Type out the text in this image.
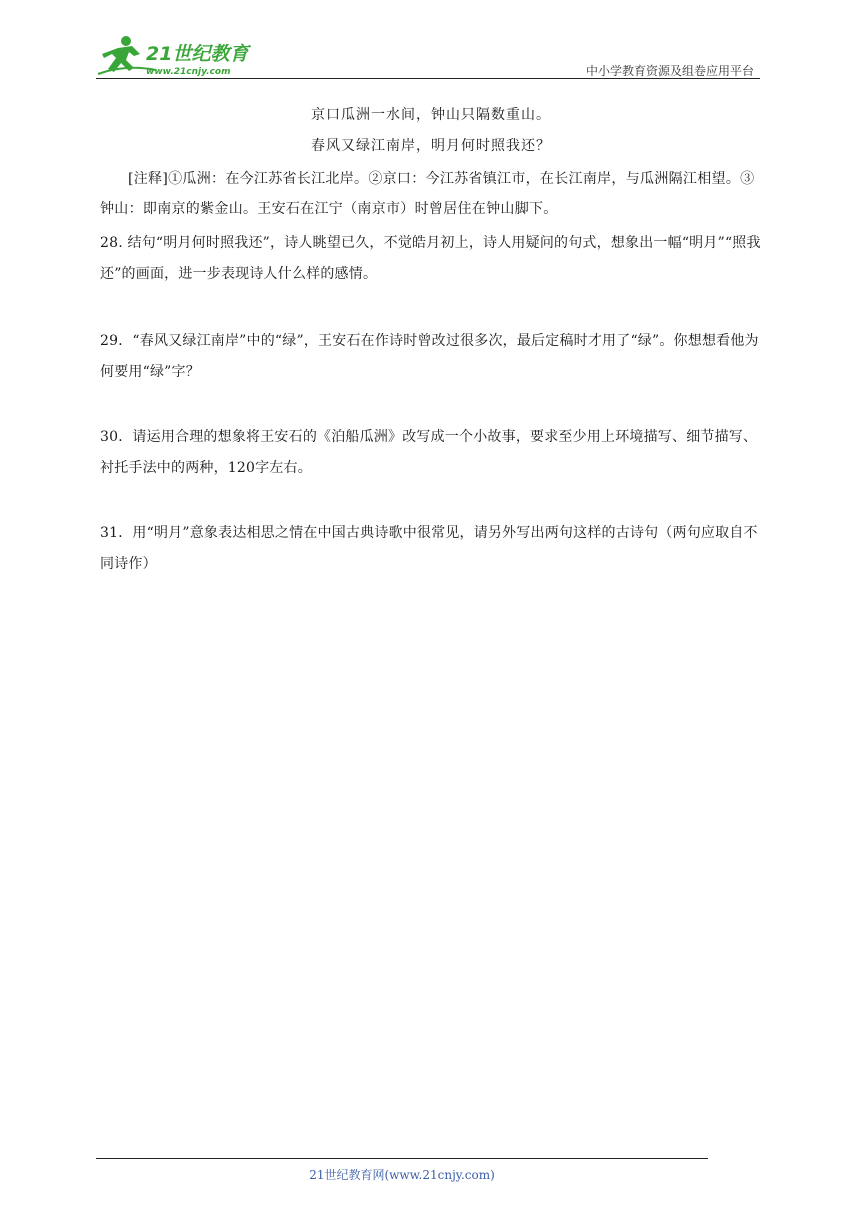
21世纪教育
www.21cnjy.com	中小学教育资源及组卷应用平台
京口瓜洲一水间，钟山只隔数重山。
春风又绿江南岸，明月何时照我还？
[注释]①瓜洲：在今江苏省长江北岸。②京口：今江苏省镇江市，在长江南岸，与瓜洲隔江相望。③钟山：即南京的紫金山。王安石在江宁（南京市）时曾居住在钟山脚下。
28. 结句“明月何时照我还”，诗人眺望已久，不觉皓月初上，诗人用疑问的句式，想象出一幅“明月”“照我还”的画面，进一步表现诗人什么样的感情。
29．“春风又绿江南岸”中的“绿”，王安石在作诗时曾改过很多次，最后定稿时才用了“绿”。你想想看他为何要用“绿”字？
30．请运用合理的想象将王安石的《泊船瓜洲》改写成一个小故事，要求至少用上环境描写、细节描写、衬托手法中的两种，120字左右。
31．用“明月”意象表达相思之情在中国古典诗歌中很常见，请另外写出两句这样的古诗句（两句应取自不同诗作）
21世纪教育网(www.21cnjy.com)
